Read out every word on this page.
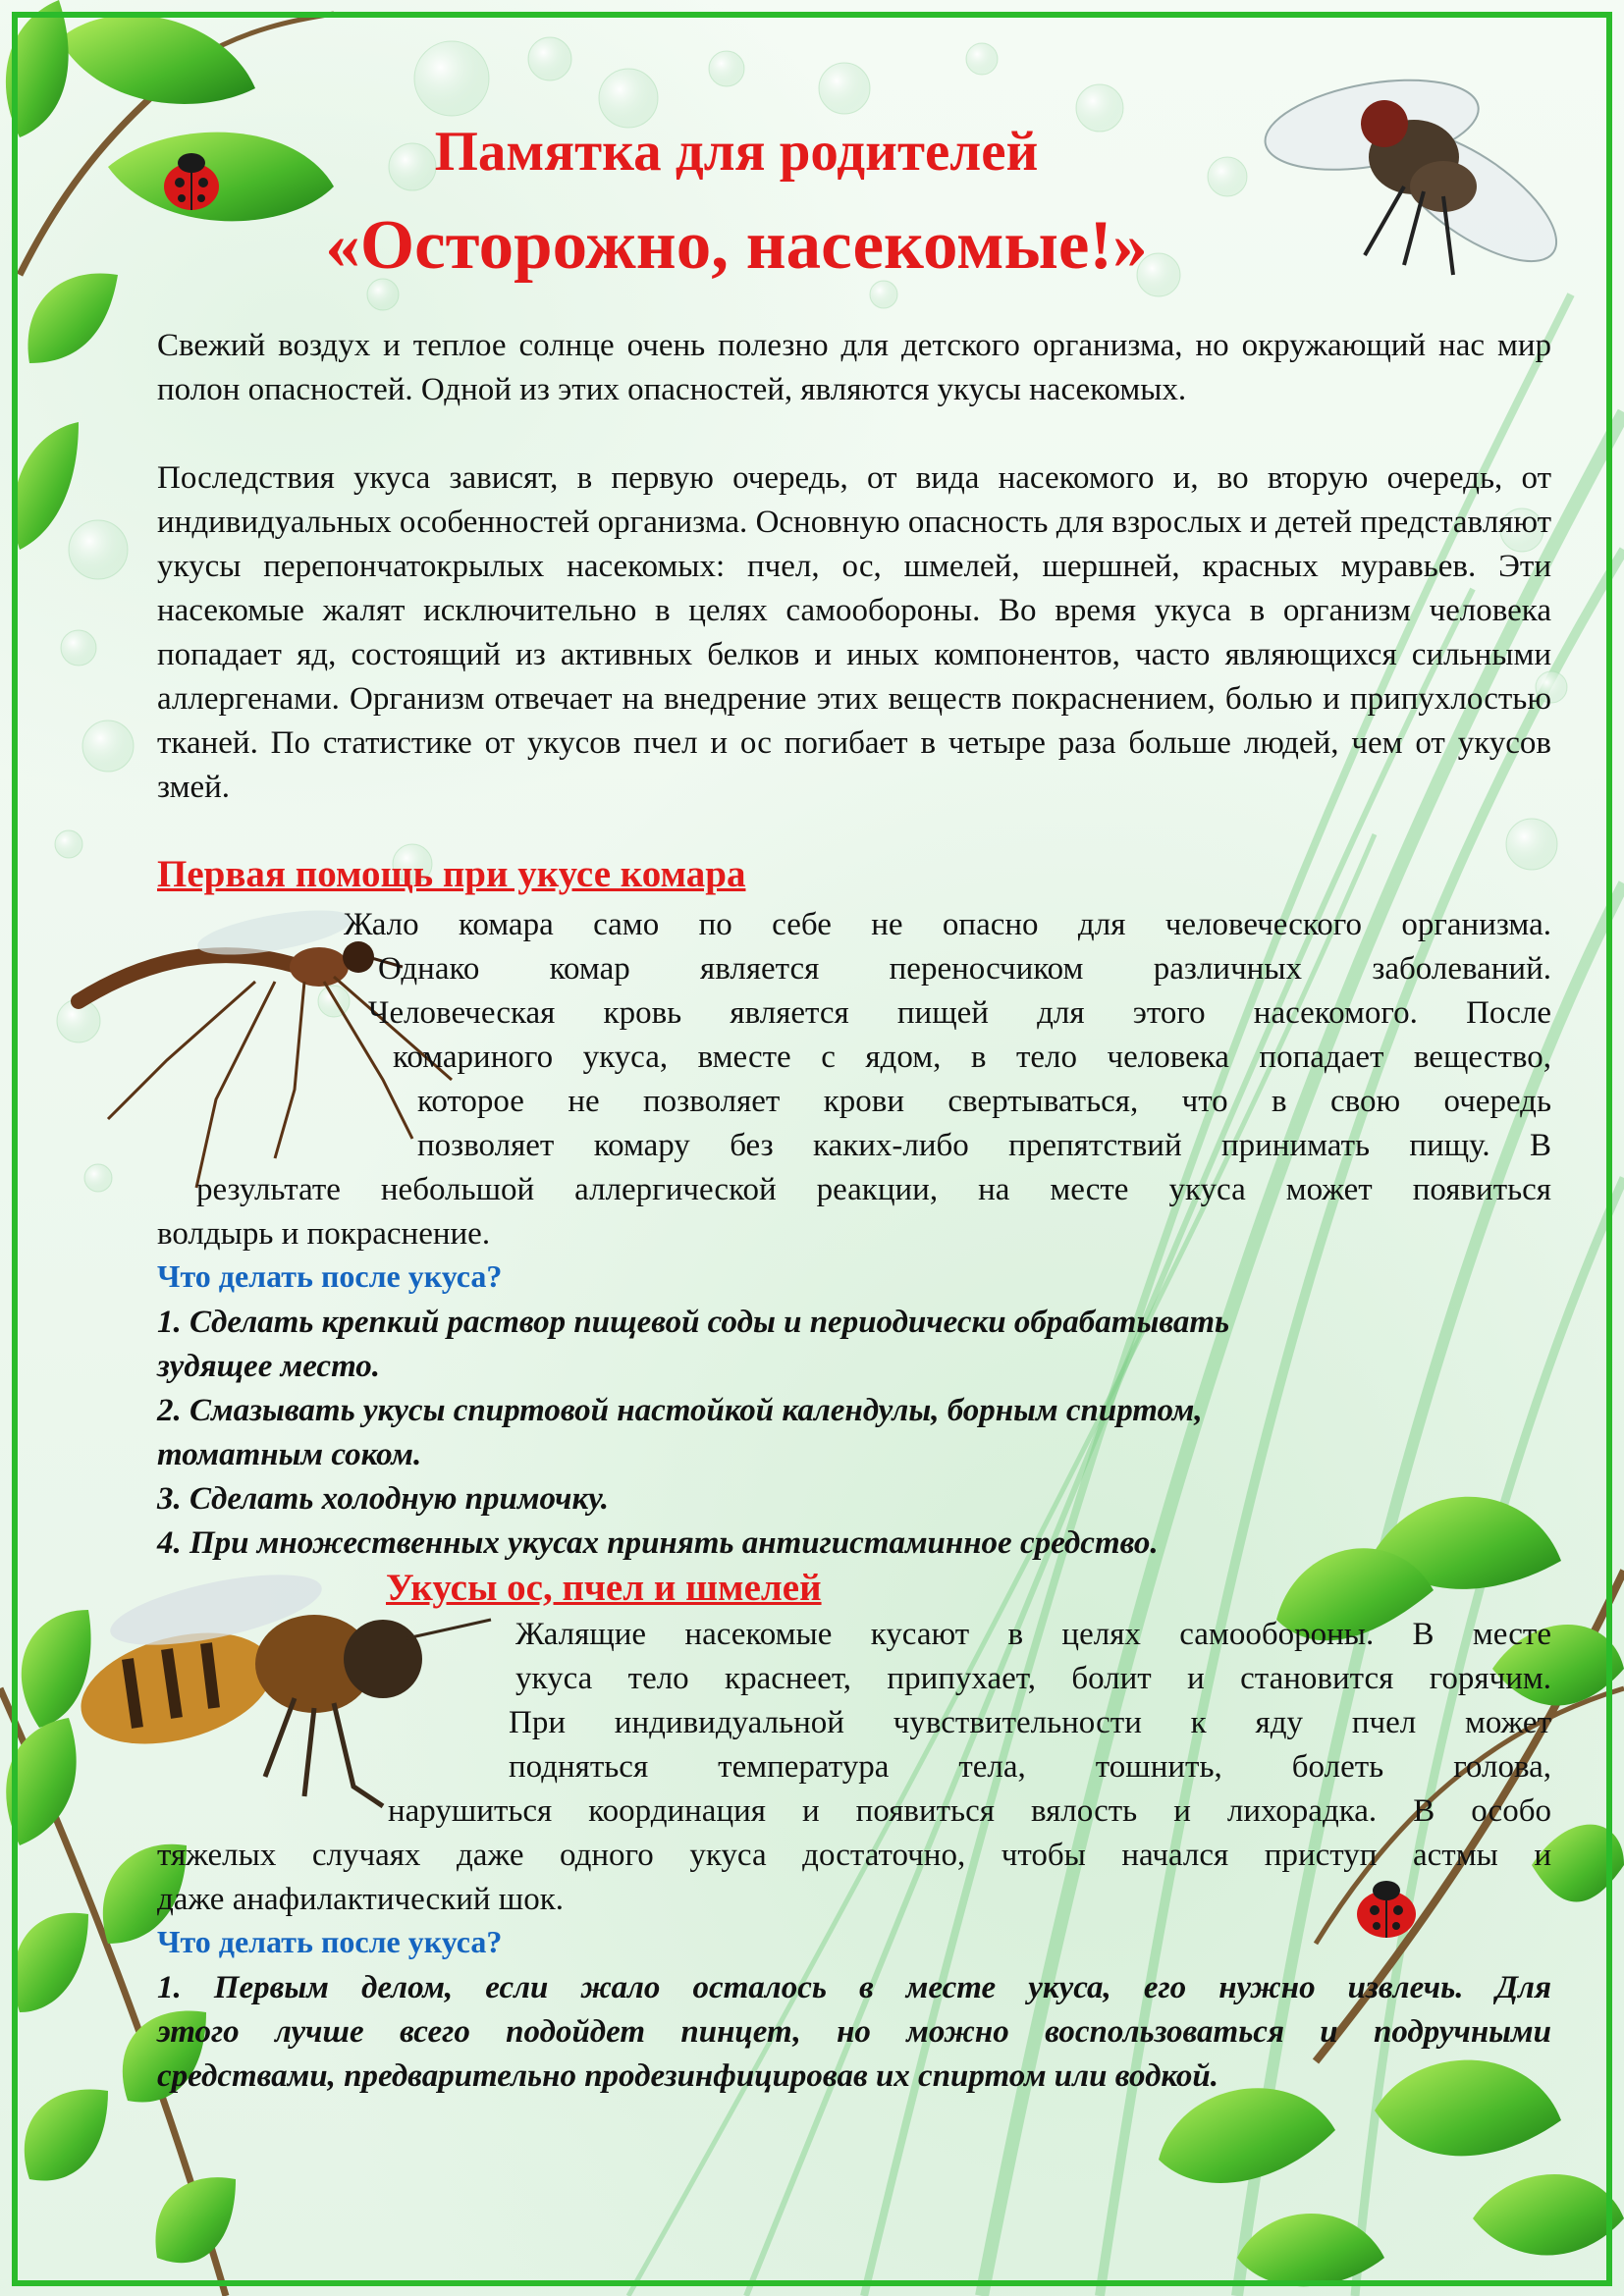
Памятка для родителей
«Осторожно, насекомые!»

Свежий воздух и теплое солнце очень полезно для детского организма, но окружающий нас мир полон опасностей. Одной из этих опасностей, являются укусы насекомых.

Последствия укуса зависят, в первую очередь, от вида насекомого и, во вторую очередь, от индивидуальных особенностей организма. Основную опасность для взрослых и детей представляют укусы перепончатокрылых насекомых: пчел, ос, шмелей, шершней, красных муравьев. Эти насекомые жалят исключительно в целях самообороны. Во время укуса в организм человека попадает яд, состоящий из активных белков и иных компонентов, часто являющихся сильными аллергенами. Организм отвечает на внедрение этих веществ покраснением, болью и припухлостью тканей. По статистике от укусов пчел и ос погибает в четыре раза больше людей, чем от укусов змей.

Первая помощь при укусе комара

Жало комара само по себе не опасно для человеческого организма.

Однако комар является переносчиком различных заболеваний.

Человеческая кровь является пищей для этого насекомого. После

комариного укуса, вместе с ядом, в тело человека попадает вещество,

которое не позволяет крови свертываться, что в свою очередь

позволяет комару без каких-либо препятствий принимать пищу. В

результате небольшой аллергической реакции, на месте укуса может появиться

волдырь и покраснение.

Что делать после укуса?

1. Сделать крепкий раствор пищевой соды и периодически обрабатывать

зудящее место.

2. Смазывать укусы спиртовой настойкой календулы, борным спиртом,

томатным соком.

3. Сделать холодную примочку.

4. При множественных укусах принять антигистаминное средство.

Укусы ос, пчел и шмелей

Жалящие насекомые кусают в целях самообороны. В месте

укуса тело краснеет, припухает, болит и становится горячим.

При индивидуальной чувствительности к яду пчел может

подняться температура тела, тошнить, болеть голова,

нарушиться координация и появиться вялость и лихорадка. В особо

тяжелых случаях даже одного укуса достаточно, чтобы начался приступ астмы и

даже анафилактический шок.

Что делать после укуса?

1. Первым делом, если жало осталось в месте укуса, его нужно извлечь. Для

этого лучше всего подойдет пинцет, но можно воспользоваться и подручными

средствами, предварительно продезинфицировав их спиртом или водкой.
